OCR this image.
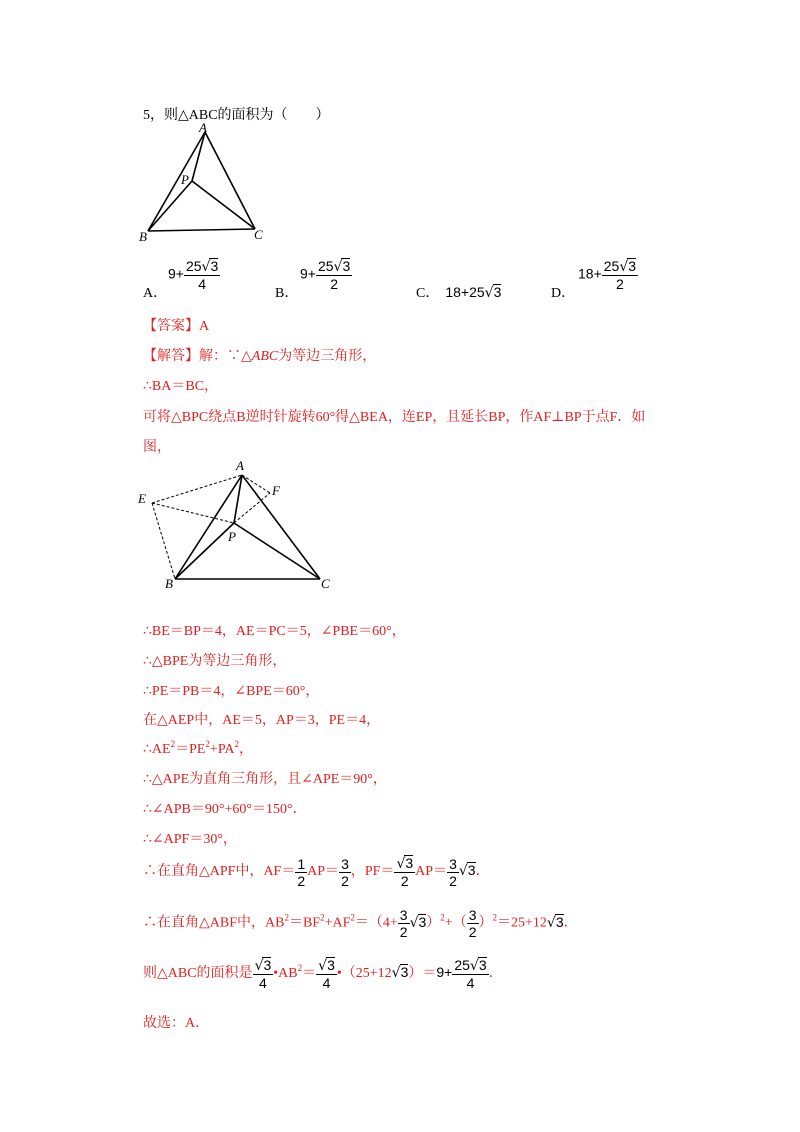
5，则△ABC的面积为（　　）
A
P
B	C
A．
$9+ \frac{25√3}{4}$
B．
$9+ \frac{25√3}{2}$
C． 18+25√3	D．
$18+ \frac{25√3}{2}$
【答案】A
【解答】解：∵△ABC为等边三角形，
∴BA＝BC，
可将△BPC绕点B逆时针旋转60°得△BEA，连EP，且延长BP，作AF⊥BP于点F．如
图，
A
E
F
P
B	C
∴BE＝BP＝4，AE＝PC＝5，∠PBE＝60°，
∴△BPE为等边三角形，
∴PE＝PB＝4，∠BPE＝60°，
在△AEP中，AE＝5，AP＝3，PE＝4，
$\therefore AE^2=PE^2+PA^2$，
∴△APE为直角三角形，且∠APE＝90°，
∴∠APB＝90°+60°＝150°．
∴∠APF＝30°，
∴在直角△APF中，$AF= \frac{1}{2} AP= \frac{3}{2}$ ，$PF= \frac{√3}{2} AP= \frac{3}{2} √3$．
∴在直角△ABF中，$AB^2=BF^2+AF^2=(4+ \frac{3}{2} √3)^2+( \frac{3}{2} )^2=25+12√3$．
则△ABC的面积是 $\frac{√3}{4}$ $•AB^2= \frac{√3}{4}$ •（25+12√3）＝9+ $\frac{25√3}{4}$ ．
故选：A．
